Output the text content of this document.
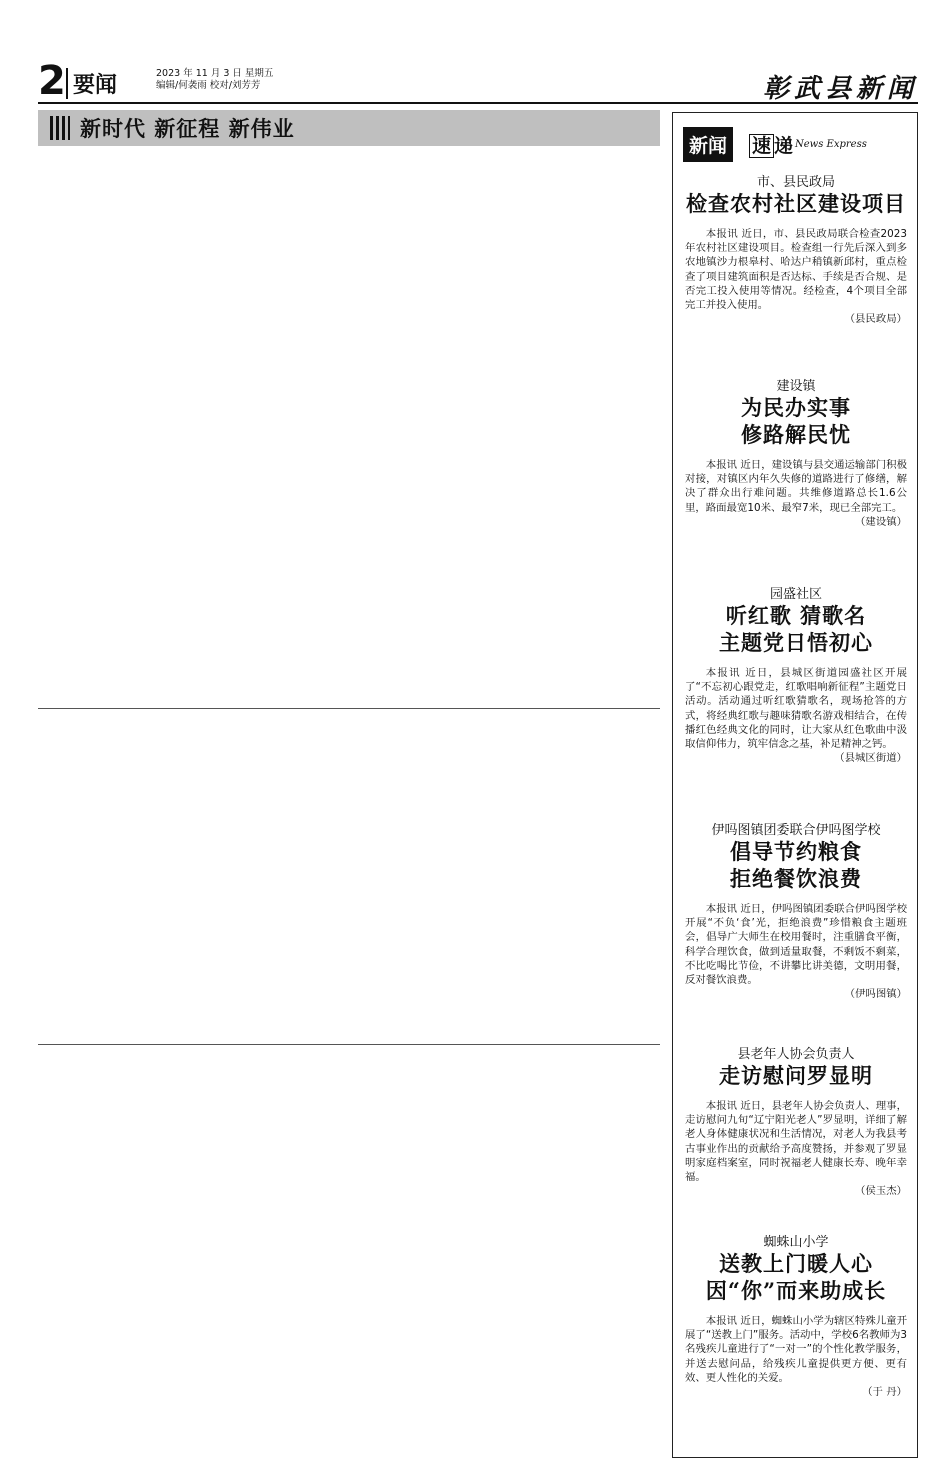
2 要闻	2023 年 11 月 3 日 星期五
编辑/何袭雨 校对/刘芳芳	彰武县新闻
新时代 新征程 新伟业

新闻	速 递 News Express
市、县民政局
检查农村社区建设项目

本报讯 近日，市、县民政局联合检查2023年农村社区建设项目。检查组一行先后深入到多农地镇沙力根皋村、哈达户稍镇新邱村，重点检查了项目建筑面积是否达标、手续是否合规、是否完工投入使用等情况。经检查，4个项目全部完工并投入使用。

（县民政局）
建设镇
为民办实事
修路解民忧

本报讯 近日，建设镇与县交通运输部门积极对接，对镇区内年久失修的道路进行了修缮，解决了群众出行难问题。共维修道路总长1.6公里，路面最宽10米、最窄7米，现已全部完工。

（建设镇）
园盛社区
听红歌 猜歌名
主题党日悟初心

本报讯 近日，县城区街道园盛社区开展了“不忘初心跟党走，红歌唱响新征程”主题党日活动。活动通过听红歌猜歌名，现场抢答的方式，将经典红歌与趣味猜歌名游戏相结合，在传播红色经典文化的同时，让大家从红色歌曲中汲取信仰伟力，筑牢信念之基，补足精神之钙。

（县城区街道）
伊吗图镇团委联合伊吗图学校
倡导节约粮食
拒绝餐饮浪费

本报讯 近日，伊吗图镇团委联合伊吗图学校开展“不负‘食’光，拒绝浪费”珍惜粮食主题班会，倡导广大师生在校用餐时，注重膳食平衡，科学合理饮食，做到适量取餐，不剩饭不剩菜，不比吃喝比节俭，不讲攀比讲美德，文明用餐，反对餐饮浪费。

（伊吗图镇）
县老年人协会负责人
走访慰问罗显明

本报讯 近日，县老年人协会负责人、理事，走访慰问九旬“辽宁阳光老人”罗显明，详细了解老人身体健康状况和生活情况，对老人为我县考古事业作出的贡献给予高度赞扬，并参观了罗显明家庭档案室，同时祝福老人健康长寿、晚年幸福。

（侯玉杰）
蜘蛛山小学
送教上门暖人心
因“你”而来助成长

本报讯 近日，蜘蛛山小学为辖区特殊儿童开展了“送教上门”服务。活动中，学校6名教师为3名残疾儿童进行了“一对一”的个性化教学服务，并送去慰问品，给残疾儿童提供更方便、更有效、更人性化的关爱。

（于 丹）
